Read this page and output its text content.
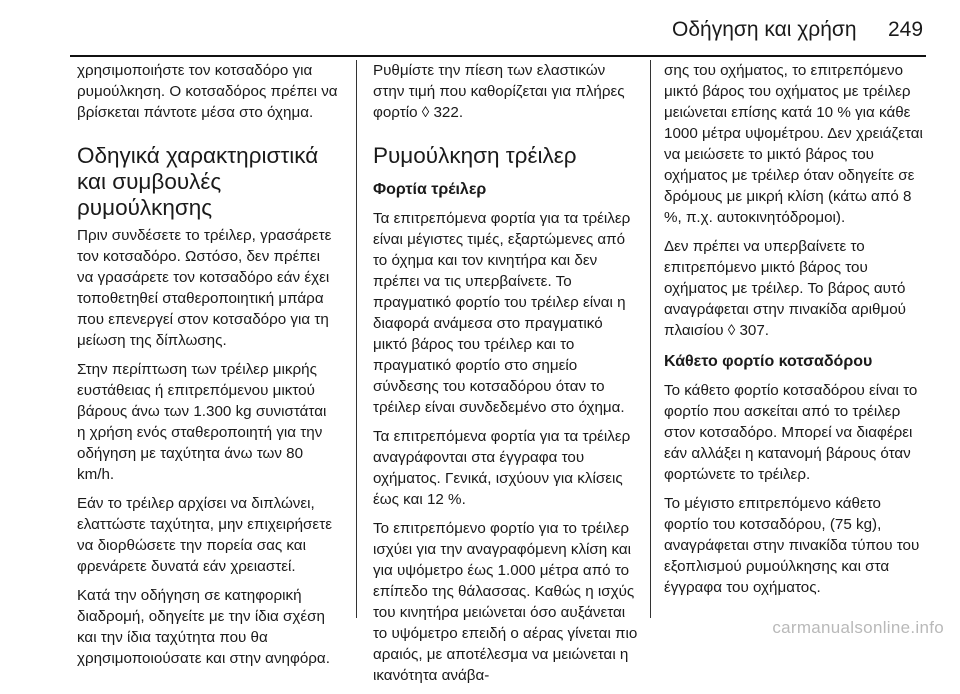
Οδήγηση και χρήση 249

χρησιμοποιήστε τον κοτσαδόρο για ρυμούλκηση. Ο κοτσαδόρος πρέπει να βρίσκεται πάντοτε μέσα στο όχημα.

Οδηγικά χαρακτηριστικά και συμβουλές ρυμούλκησης

Πριν συνδέσετε το τρέιλερ, γρασάρετε τον κοτσαδόρο. Ωστόσο, δεν πρέπει να γρασάρετε τον κοτσαδόρο εάν έχει τοποθετηθεί σταθεροποιητική μπάρα που επενεργεί στον κοτσαδόρο για τη μείωση της δίπλωσης.

Στην περίπτωση των τρέιλερ μικρής ευστάθειας ή επιτρεπόμενου μικτού βάρους άνω των 1.300 kg συνιστάται η χρήση ενός σταθεροποιητή για την οδήγηση με ταχύτητα άνω των 80 km/h.

Εάν το τρέιλερ αρχίσει να διπλώνει, ελαττώστε ταχύτητα, μην επιχειρήσετε να διορθώσετε την πορεία σας και φρενάρετε δυνατά εάν χρειαστεί.

Κατά την οδήγηση σε κατηφορική διαδρομή, οδηγείτε με την ίδια σχέση και την ίδια ταχύτητα που θα χρησιμοποιούσατε και στην ανηφόρα.

Ρυθμίστε την πίεση των ελαστικών στην τιμή που καθορίζεται για πλήρες φορτίο ◊ 322.

Ρυμούλκηση τρέιλερ
Φορτία τρέιλερ

Τα επιτρεπόμενα φορτία για τα τρέιλερ είναι μέγιστες τιμές, εξαρτώμενες από το όχημα και τον κινητήρα και δεν πρέπει να τις υπερβαίνετε. Το πραγματικό φορτίο του τρέιλερ είναι η διαφορά ανάμεσα στο πραγματικό μικτό βάρος του τρέιλερ και το πραγματικό φορτίο στο σημείο σύνδεσης του κοτσαδόρου όταν το τρέιλερ είναι συνδεδεμένο στο όχημα.

Τα επιτρεπόμενα φορτία για τα τρέιλερ αναγράφονται στα έγγραφα του οχήματος. Γενικά, ισχύουν για κλίσεις έως και 12 %.

Το επιτρεπόμενο φορτίο για το τρέιλερ ισχύει για την αναγραφόμενη κλίση και για υψόμετρο έως 1.000 μέτρα από το επίπεδο της θάλασσας. Καθώς η ισχύς του κινητήρα μειώνεται όσο αυξάνεται το υψόμετρο επειδή ο αέρας γίνεται πιο αραιός, με αποτέλεσμα να μειώνεται η ικανότητα ανάβα-

σης του οχήματος, το επιτρεπόμενο μικτό βάρος του οχήματος με τρέιλερ μειώνεται επίσης κατά 10 % για κάθε 1000 μέτρα υψομέτρου. Δεν χρειάζεται να μειώσετε το μικτό βάρος του οχήματος με τρέιλερ όταν οδηγείτε σε δρόμους με μικρή κλίση (κάτω από 8 %, π.χ. αυτοκινητόδρομοι).

Δεν πρέπει να υπερβαίνετε το επιτρεπόμενο μικτό βάρος του οχήματος με τρέιλερ. Το βάρος αυτό αναγράφεται στην πινακίδα αριθμού πλαισίου ◊ 307.

Κάθετο φορτίο κοτσαδόρου

Το κάθετο φορτίο κοτσαδόρου είναι το φορτίο που ασκείται από το τρέιλερ στον κοτσαδόρο. Μπορεί να διαφέρει εάν αλλάξει η κατανομή βάρους όταν φορτώνετε το τρέιλερ.

Το μέγιστο επιτρεπόμενο κάθετο φορτίο του κοτσαδόρου, (75 kg), αναγράφεται στην πινακίδα τύπου του εξοπλισμού ρυμούλκησης και στα έγγραφα του οχήματος.

carmanualsonline.info
